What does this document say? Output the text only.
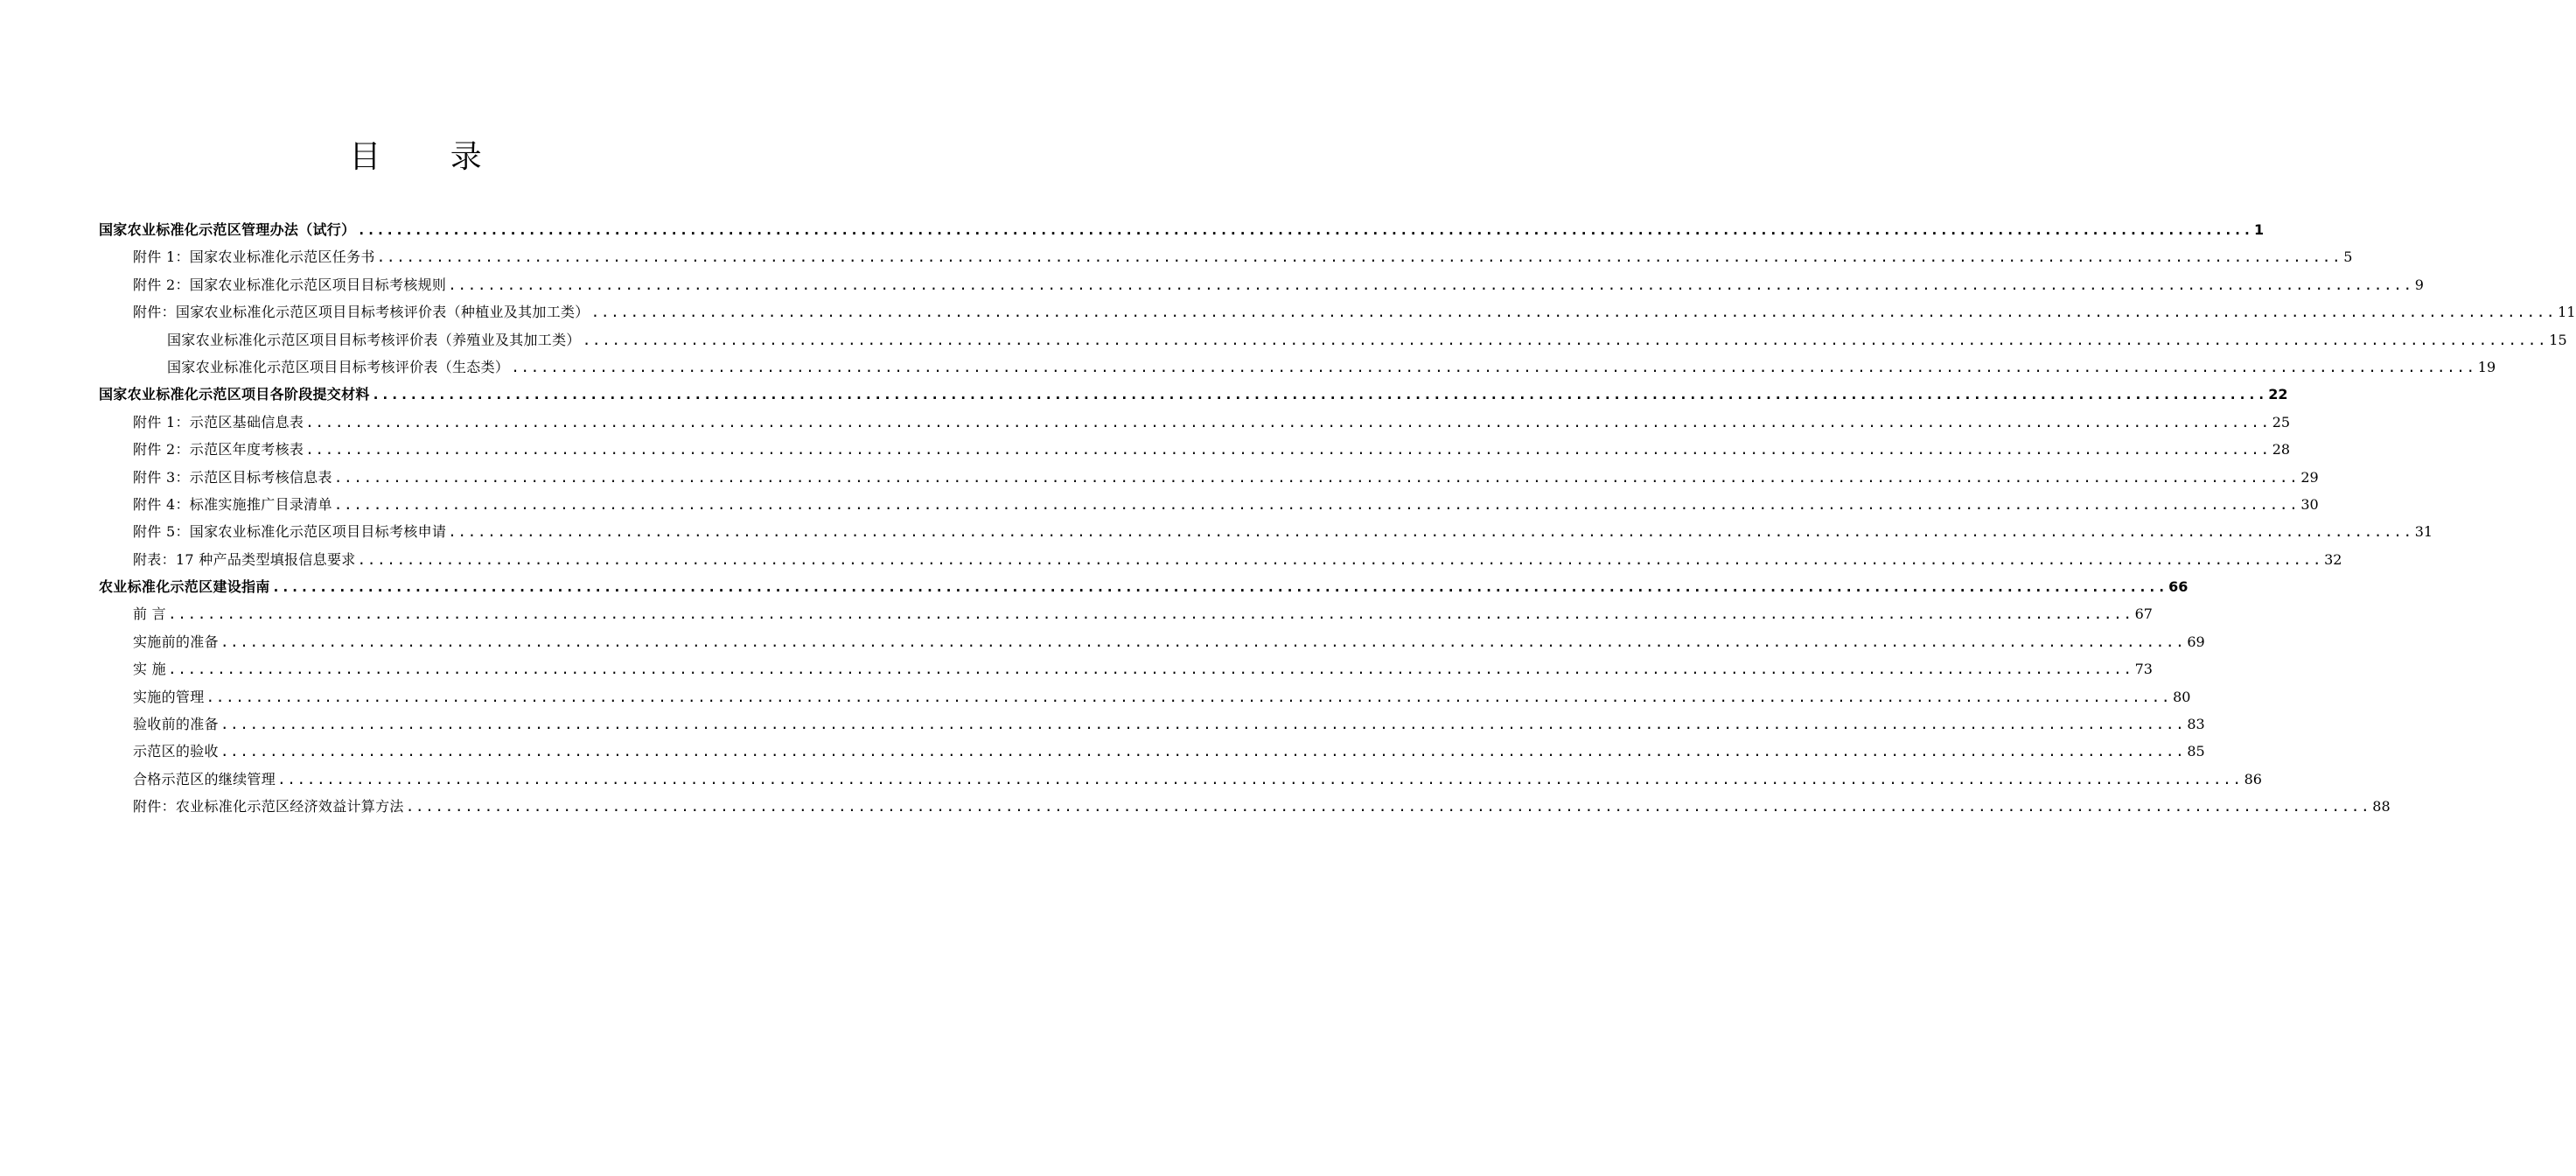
目 录
国家农业标准化示范区管理办法（试行） ........................................................................................................................................................................................................ 1
附件 1：国家农业标准化示范区任务书 ........................................................................................................................................................................................................ 5
附件 2：国家农业标准化示范区项目目标考核规则 ........................................................................................................................................................................................................ 9
附件：国家农业标准化示范区项目目标考核评价表（种植业及其加工类） ........................................................................................................................................................................................................ 11
国家农业标准化示范区项目目标考核评价表（养殖业及其加工类） ........................................................................................................................................................................................................ 15
国家农业标准化示范区项目目标考核评价表（生态类） ........................................................................................................................................................................................................ 19
国家农业标准化示范区项目各阶段提交材料 ........................................................................................................................................................................................................ 22
附件 1：示范区基础信息表 ........................................................................................................................................................................................................ 25
附件 2：示范区年度考核表 ........................................................................................................................................................................................................ 28
附件 3：示范区目标考核信息表 ........................................................................................................................................................................................................ 29
附件 4：标准实施推广目录清单 ........................................................................................................................................................................................................ 30
附件 5：国家农业标准化示范区项目目标考核申请 ........................................................................................................................................................................................................ 31
附表：17 种产品类型填报信息要求 ........................................................................................................................................................................................................ 32
农业标准化示范区建设指南 ........................................................................................................................................................................................................ 66
前 言 ........................................................................................................................................................................................................ 67
实施前的准备 ........................................................................................................................................................................................................ 69
实 施 ........................................................................................................................................................................................................ 73
实施的管理 ........................................................................................................................................................................................................ 80
验收前的准备 ........................................................................................................................................................................................................ 83
示范区的验收 ........................................................................................................................................................................................................ 85
合格示范区的继续管理 ........................................................................................................................................................................................................ 86
附件：农业标准化示范区经济效益计算方法 ........................................................................................................................................................................................................ 88
